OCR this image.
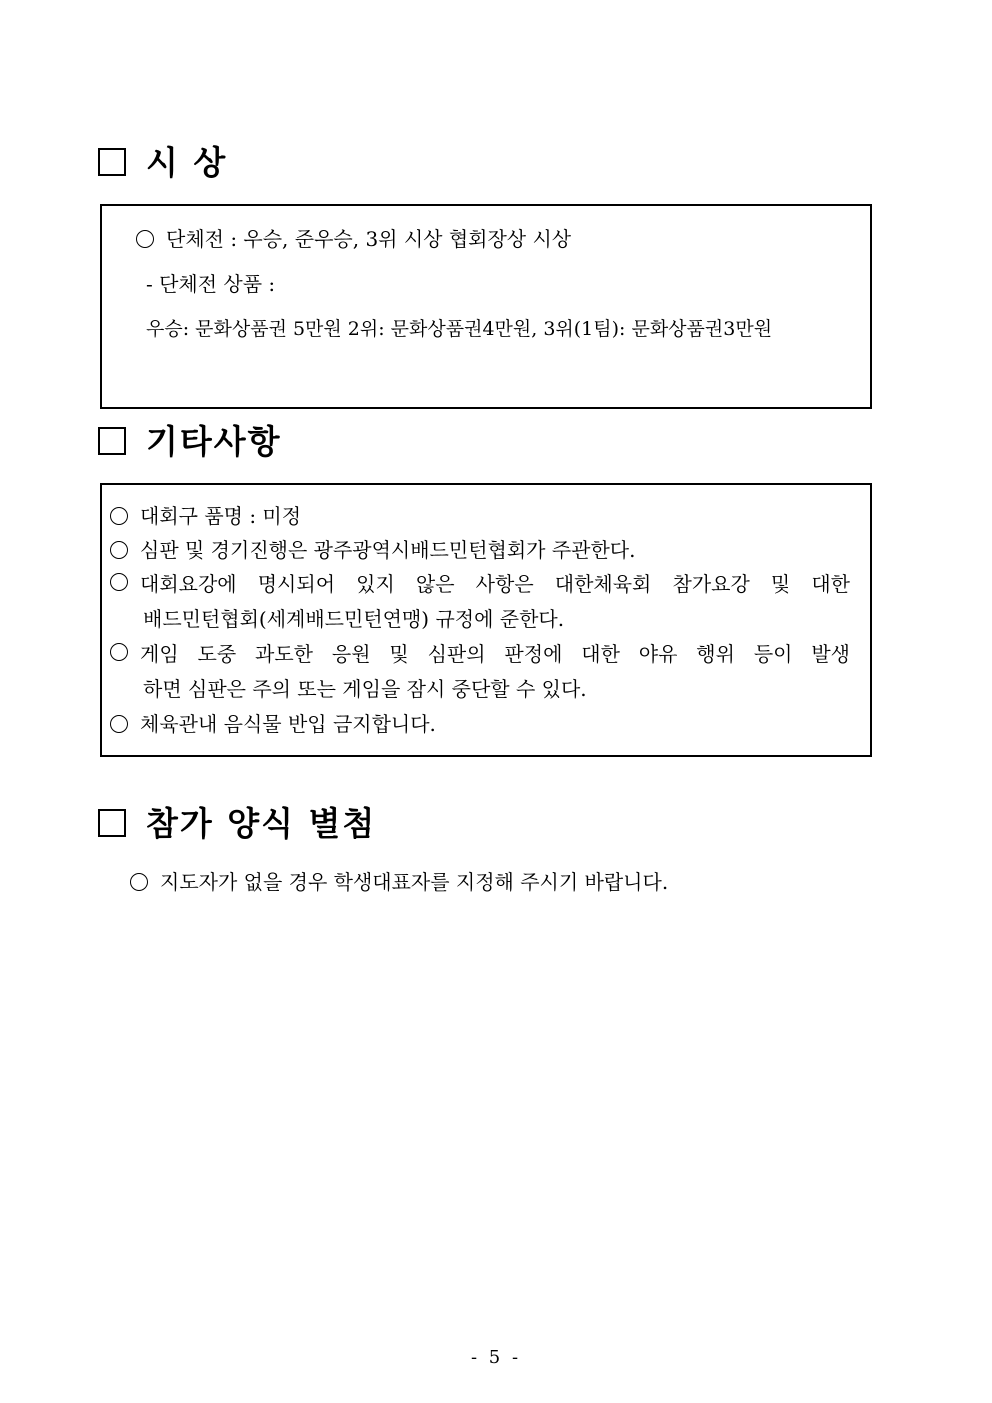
시 상
단체전 : 우승, 준우승, 3위 시상 협회장상 시상
- 단체전 상품 :
우승: 문화상품권 5만원 2위: 문화상품권4만원, 3위(1팀): 문화상품권3만원
기타사항
대회구 품명 : 미정
심판 및 경기진행은 광주광역시배드민턴협회가 주관한다.
대회요강에 명시되어 있지 않은 사항은 대한체육회 참가요강 및 대한
배드민턴협회(세계배드민턴연맹) 규정에 준한다.
게임 도중 과도한 응원 및 심판의 판정에 대한 야유 행위 등이 발생
하면 심판은 주의 또는 게임을 잠시 중단할 수 있다.
체육관내 음식물 반입 금지합니다.
참가 양식 별첨
지도자가 없을 경우 학생대표자를 지정해 주시기 바랍니다.
- 5 -
